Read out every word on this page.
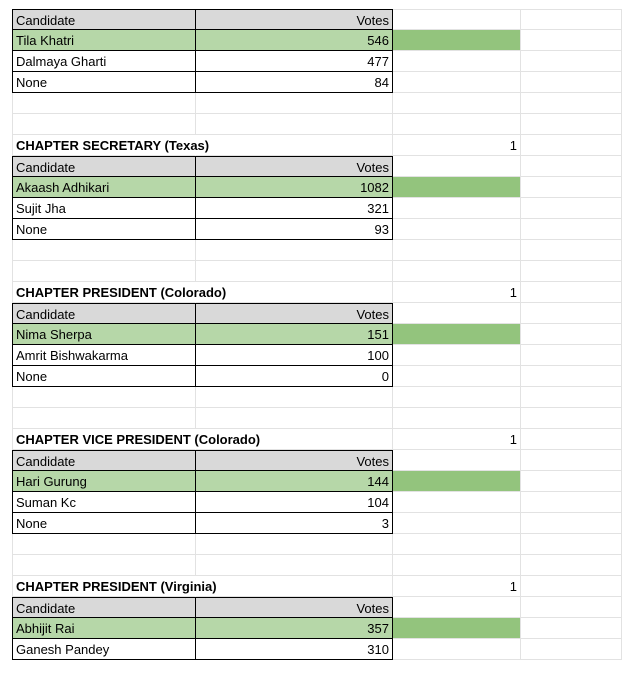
Candidate	Votes
Tila Khatri	546
Dalmaya Gharti	477
None	84
CHAPTER SECRETARY (Texas)	1
Candidate	Votes
Akaash Adhikari	1082
Sujit Jha	321
None	93
CHAPTER PRESIDENT (Colorado)	1
Candidate	Votes
Nima Sherpa	151
Amrit Bishwakarma	100
None	0
CHAPTER VICE PRESIDENT (Colorado)	1
Candidate	Votes
Hari Gurung	144
Suman Kc	104
None	3
CHAPTER PRESIDENT (Virginia)	1
Candidate	Votes
Abhijit Rai	357
Ganesh Pandey	310
